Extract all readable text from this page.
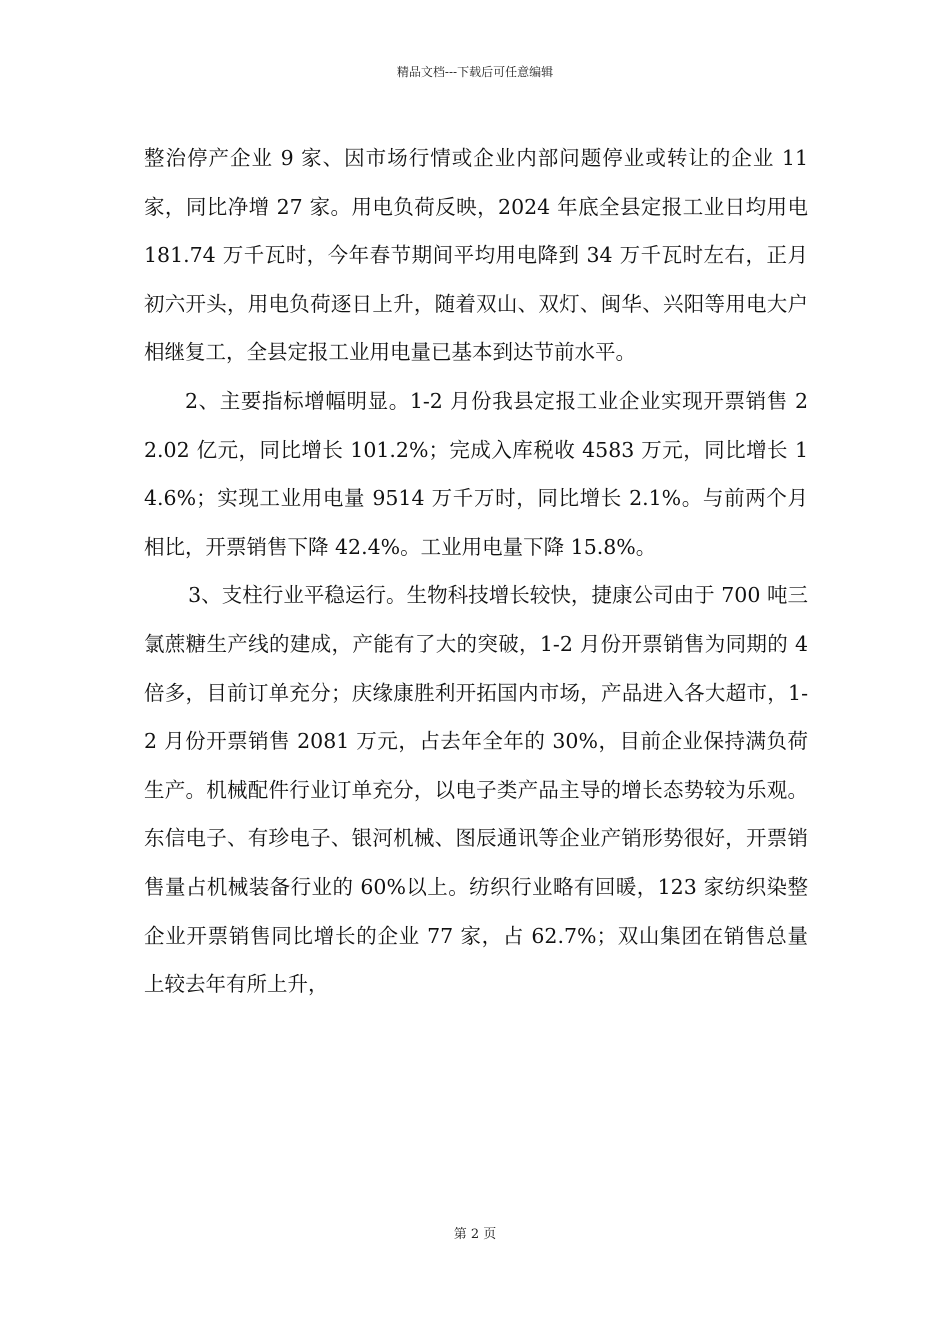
精品文档---下载后可任意编辑

整治停产企业 9 家、因市场行情或企业内部问题停业或转让的企业 11 家，同比净增 27 家。用电负荷反映，2024 年底全县定报工业日均用电 181.74 万千瓦时，今年春节期间平均用电降到 34 万千瓦时左右，正月初六开头，用电负荷逐日上升，随着双山、双灯、闽华、兴阳等用电大户相继复工，全县定报工业用电量已基本到达节前水平。

2、主要指标增幅明显。1-2 月份我县定报工业企业实现开票销售 22.02 亿元，同比增长 101.2%；完成入库税收 4583 万元，同比增长 14.6%；实现工业用电量 9514 万千万时，同比增长 2.1%。与前两个月相比，开票销售下降 42.4%。工业用电量下降 15.8%。

3、支柱行业平稳运行。生物科技增长较快，捷康公司由于 700 吨三氯蔗糖生产线的建成，产能有了大的突破，1-2 月份开票销售为同期的 4 倍多，目前订单充分；庆缘康胜利开拓国内市场，产品进入各大超市，1-2 月份开票销售 2081 万元，占去年全年的 30%，目前企业保持满负荷生产。机械配件行业订单充分，以电子类产品主导的增长态势较为乐观。东信电子、有珍电子、银河机械、图辰通讯等企业产销形势很好，开票销售量占机械装备行业的 60%以上。纺织行业略有回暖，123 家纺织染整企业开票销售同比增长的企业 77 家，占 62.7%；双山集团在销售总量上较去年有所上升，

第 2 页
